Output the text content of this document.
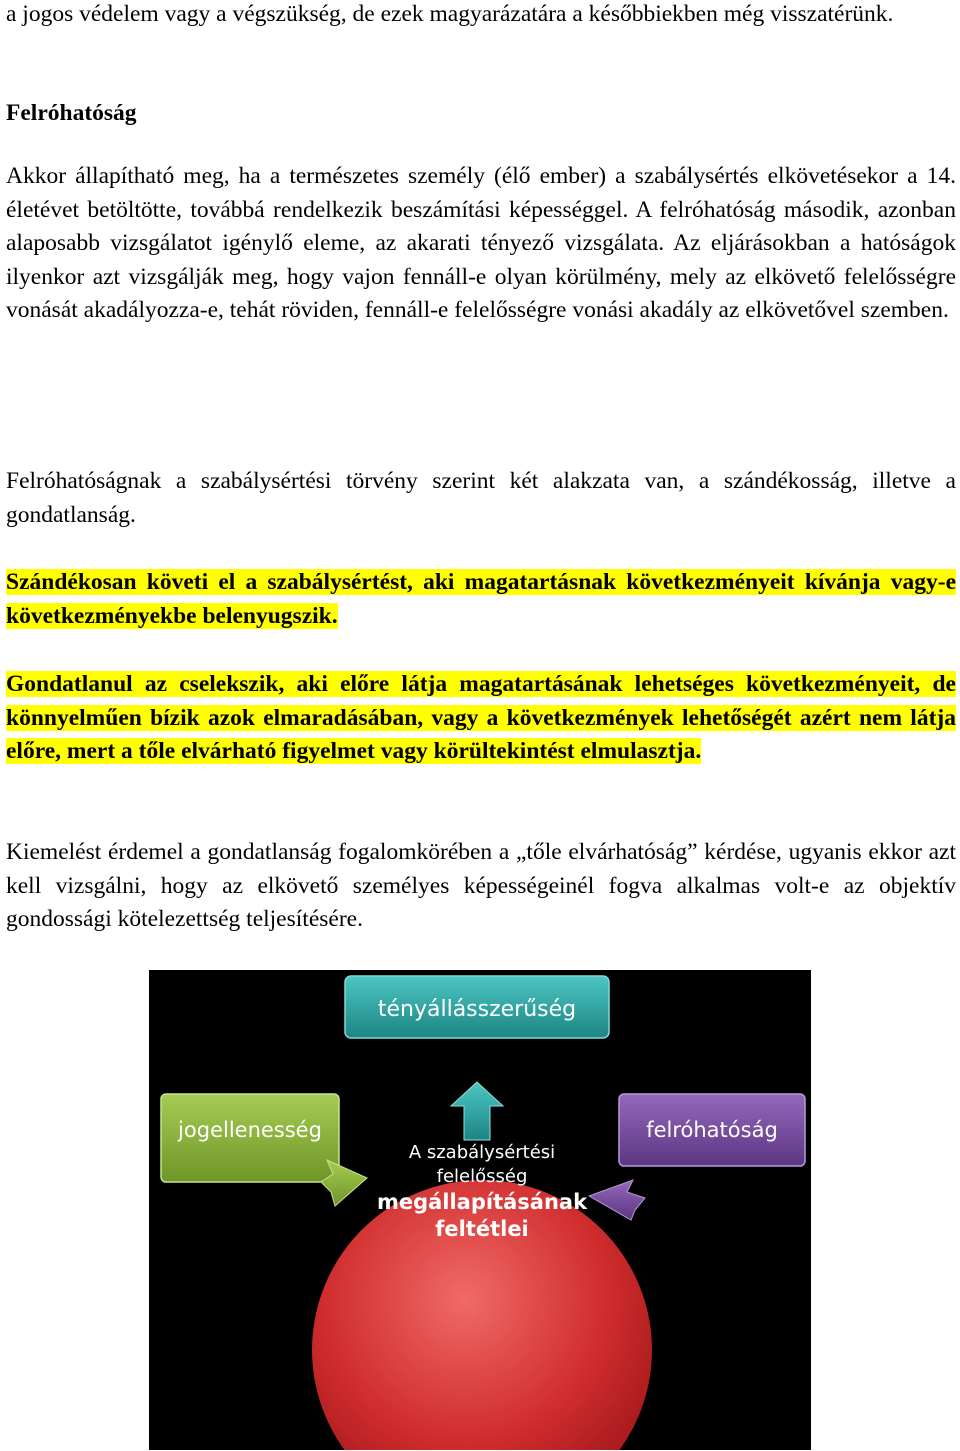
a jogos védelem vagy a végszükség, de ezek magyarázatára a későbbiekben még visszatérünk.

Felróhatóság

Akkor állapítható meg, ha a természetes személy (élő ember) a szabálysértés elkövetésekor a 14. életévet betöltötte, továbbá rendelkezik beszámítási képességgel. A felróhatóság második, azonban alaposabb vizsgálatot igénylő eleme, az akarati tényező vizsgálata. Az eljárásokban a hatóságok ilyenkor azt vizsgálják meg, hogy vajon fennáll-e olyan körülmény, mely az elkövető felelősségre vonását akadályozza-e, tehát röviden, fennáll-e felelősségre vonási akadály az elkövetővel szemben.

Felróhatóságnak a szabálysértési törvény szerint két alakzata van, a szándékosság, illetve a gondatlanság.

Szándékosan követi el a szabálysértést, aki magatartásnak következményeit kívánja vagy-e következményekbe belenyugszik.

Gondatlanul az cselekszik, aki előre látja magatartásának lehetséges következményeit, de könnyelműen bízik azok elmaradásában, vagy a következmények lehetőségét azért nem látja előre, mert a tőle elvárható figyelmet vagy körültekintést elmulasztja.

Kiemelést érdemel a gondatlanság fogalomkörében a „tőle elvárhatóság” kérdése, ugyanis ekkor azt kell vizsgálni, hogy az elkövető személyes képességeinél fogva alkalmas volt-e az objektív gondossági kötelezettség teljesítésére.

tényállásszerűség
jogellenesség	felróhatóság
A szabálysértési
felelősség
megállapításának
feltétlei
